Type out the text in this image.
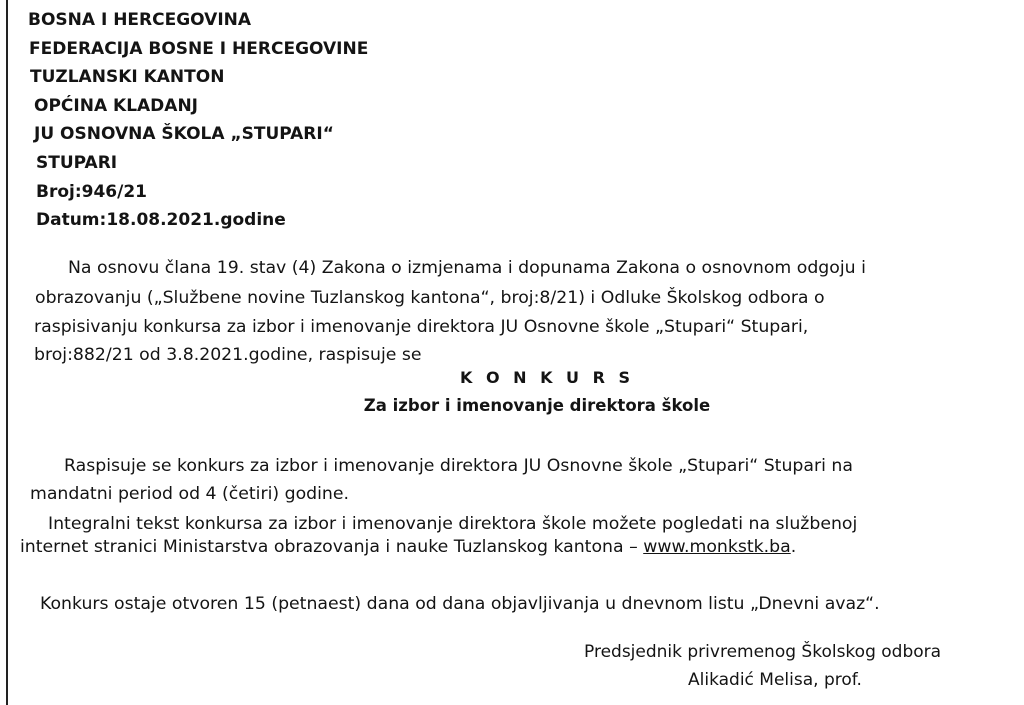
BOSNA I HERCEGOVINA
FEDERACIJA BOSNE I HERCEGOVINE
TUZLANSKI KANTON
OPĆINA KLADANJ
JU OSNOVNA ŠKOLA „STUPARI“
STUPARI
Broj:946/21
Datum:18.08.2021.godine
Na osnovu člana 19. stav (4) Zakona o izmjenama i dopunama Zakona o osnovnom odgoju i
obrazovanju („Službene novine Tuzlanskog kantona“, broj:8/21) i Odluke Školskog odbora o
raspisivanju konkursa za izbor i imenovanje direktora JU Osnovne škole „Stupari“ Stupari,
broj:882/21 od 3.8.2021.godine, raspisuje se
K O N K U R S
Za izbor i imenovanje direktora škole
Raspisuje se konkurs za izbor i imenovanje direktora JU Osnovne škole „Stupari“ Stupari na
mandatni period od 4 (četiri) godine.
Integralni tekst konkursa za izbor i imenovanje direktora škole možete pogledati na službenoj
internet stranici Ministarstva obrazovanja i nauke Tuzlanskog kantona – www.monkstk.ba.
Konkurs ostaje otvoren 15 (petnaest) dana od dana objavljivanja u dnevnom listu „Dnevni avaz“.
Predsjednik privremenog Školskog odbora
Alikadić Melisa, prof.
